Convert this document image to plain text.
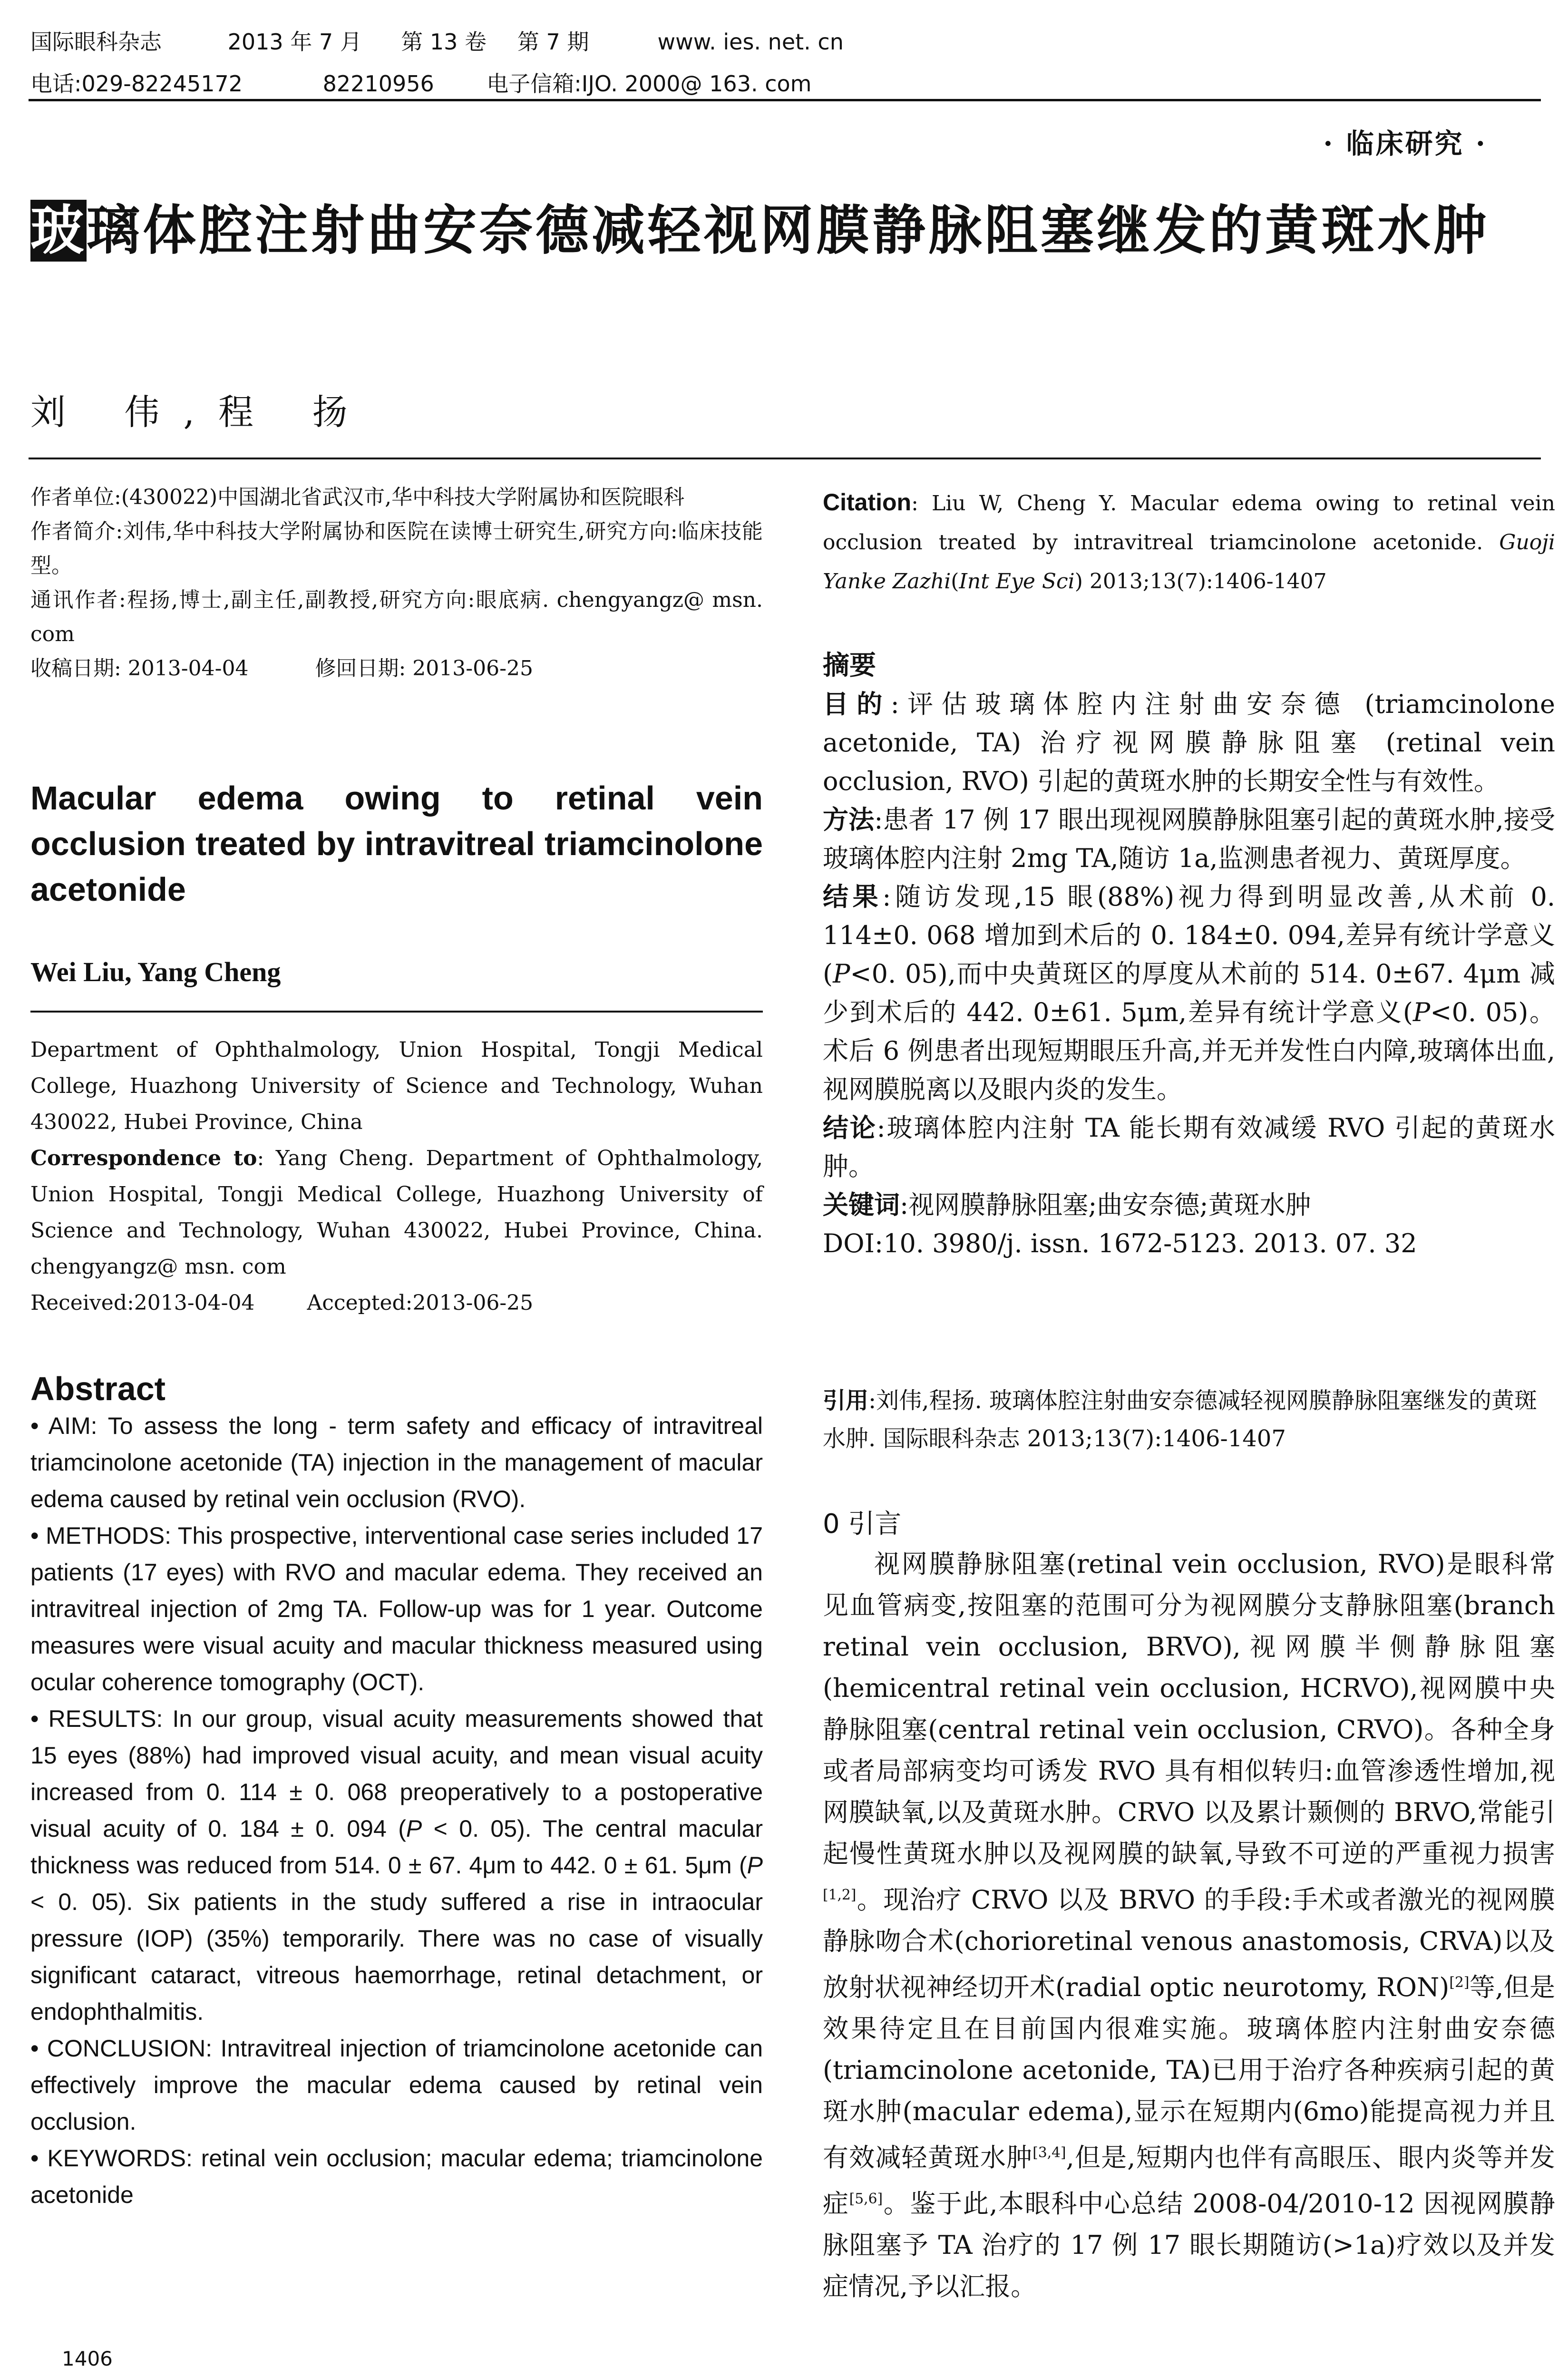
国际眼科杂志	2013 年 7 月 第 13 卷 第 7 期	www. ies. net. cn
电话:029-82245172	82210956 电子信箱:IJO. 2000@ 163. com
· 临床研究 ·
玻璃体腔注射曲安奈德减轻视网膜静脉阻塞继发的黄斑水肿
刘 伟,程 扬

作者单位:(430022)中国湖北省武汉市,华中科技大学附属协和医院眼科

作者简介:刘伟,华中科技大学附属协和医院在读博士研究生,研究方向:临床技能型。

通讯作者:程扬,博士,副主任,副教授,研究方向:眼底病. chengyangz@ msn. com

收稿日期: 2013-04-04	修回日期: 2013-06-25

Macular edema owing to retinal vein occlusion treated by intravitreal triamcinolone acetonide
Wei Liu, Yang Cheng

Department of Ophthalmology, Union Hospital, Tongji Medical College, Huazhong University of Science and Technology, Wuhan 430022, Hubei Province, China

Correspondence to: Yang Cheng. Department of Ophthalmology, Union Hospital, Tongji Medical College, Huazhong University of Science and Technology, Wuhan 430022, Hubei Province, China. chengyangz@ msn. com

Received:2013-04-04	Accepted:2013-06-25

Abstract

• AIM: To assess the long - term safety and efficacy of intravitreal triamcinolone acetonide (TA) injection in the management of macular edema caused by retinal vein occlusion (RVO).

• METHODS: This prospective, interventional case series included 17 patients (17 eyes) with RVO and macular edema. They received an intravitreal injection of 2mg TA. Follow-up was for 1 year. Outcome measures were visual acuity and macular thickness measured using ocular coherence tomography (OCT).

• RESULTS: In our group, visual acuity measurements showed that 15 eyes (88%) had improved visual acuity, and mean visual acuity increased from 0. 114 ± 0. 068 preoperatively to a postoperative visual acuity of 0. 184 ± 0. 094 (P < 0. 05). The central macular thickness was reduced from 514. 0 ± 67. 4μm to 442. 0 ± 61. 5μm (P < 0. 05). Six patients in the study suffered a rise in intraocular pressure (IOP) (35%) temporarily. There was no case of visually significant cataract, vitreous haemorrhage, retinal detachment, or endophthalmitis.

• CONCLUSION: Intravitreal injection of triamcinolone acetonide can effectively improve the macular edema caused by retinal vein occlusion.

• KEYWORDS: retinal vein occlusion; macular edema; triamcinolone acetonide

1406
Citation: Liu W, Cheng Y. Macular edema owing to retinal vein occlusion treated by intravitreal triamcinolone acetonide. Guoji Yanke Zazhi(Int Eye Sci) 2013;13(7):1406-1407
摘要

目的:评估玻璃体腔内注射曲安奈德 (triamcinolone acetonide, TA) 治疗视网膜静脉阻塞 (retinal vein occlusion, RVO) 引起的黄斑水肿的长期安全性与有效性。

方法:患者 17 例 17 眼出现视网膜静脉阻塞引起的黄斑水肿,接受玻璃体腔内注射 2mg TA,随访 1a,监测患者视力、黄斑厚度。

结果:随访发现,15 眼(88%)视力得到明显改善,从术前 0. 114±0. 068 增加到术后的 0. 184±0. 094,差异有统计学意义(P<0. 05),而中央黄斑区的厚度从术前的 514. 0±67. 4μm 减少到术后的 442. 0±61. 5μm,差异有统计学意义(P<0. 05)。术后 6 例患者出现短期眼压升高,并无并发性白内障,玻璃体出血,视网膜脱离以及眼内炎的发生。

结论:玻璃体腔内注射 TA 能长期有效减缓 RVO 引起的黄斑水肿。

关键词:视网膜静脉阻塞;曲安奈德;黄斑水肿

DOI:10. 3980/j. issn. 1672-5123. 2013. 07. 32

引用:刘伟,程扬. 玻璃体腔注射曲安奈德减轻视网膜静脉阻塞继发的黄斑水肿. 国际眼科杂志 2013;13(7):1406-1407
0 引言

视网膜静脉阻塞(retinal vein occlusion, RVO)是眼科常见血管病变,按阻塞的范围可分为视网膜分支静脉阻塞(branch retinal vein occlusion, BRVO),视网膜半侧静脉阻塞(hemicentral retinal vein occlusion, HCRVO),视网膜中央静脉阻塞(central retinal vein occlusion, CRVO)。各种全身或者局部病变均可诱发 RVO 具有相似转归:血管渗透性增加,视网膜缺氧,以及黄斑水肿。CRVO 以及累计颞侧的 BRVO,常能引起慢性黄斑水肿以及视网膜的缺氧,导致不可逆的严重视力损害[1,2]。现治疗 CRVO 以及 BRVO 的手段:手术或者激光的视网膜静脉吻合术(chorioretinal venous anastomosis, CRVA)以及放射状视神经切开术(radial optic neurotomy, RON)[2]等,但是效果待定且在目前国内很难实施。玻璃体腔内注射曲安奈德(triamcinolone acetonide, TA)已用于治疗各种疾病引起的黄斑水肿(macular edema),显示在短期内(6mo)能提高视力并且有效减轻黄斑水肿[3,4],但是,短期内也伴有高眼压、眼内炎等并发症[5,6]。鉴于此,本眼科中心总结 2008-04/2010-12 因视网膜静脉阻塞予 TA 治疗的 17 例 17 眼长期随访(>1a)疗效以及并发症情况,予以汇报。
